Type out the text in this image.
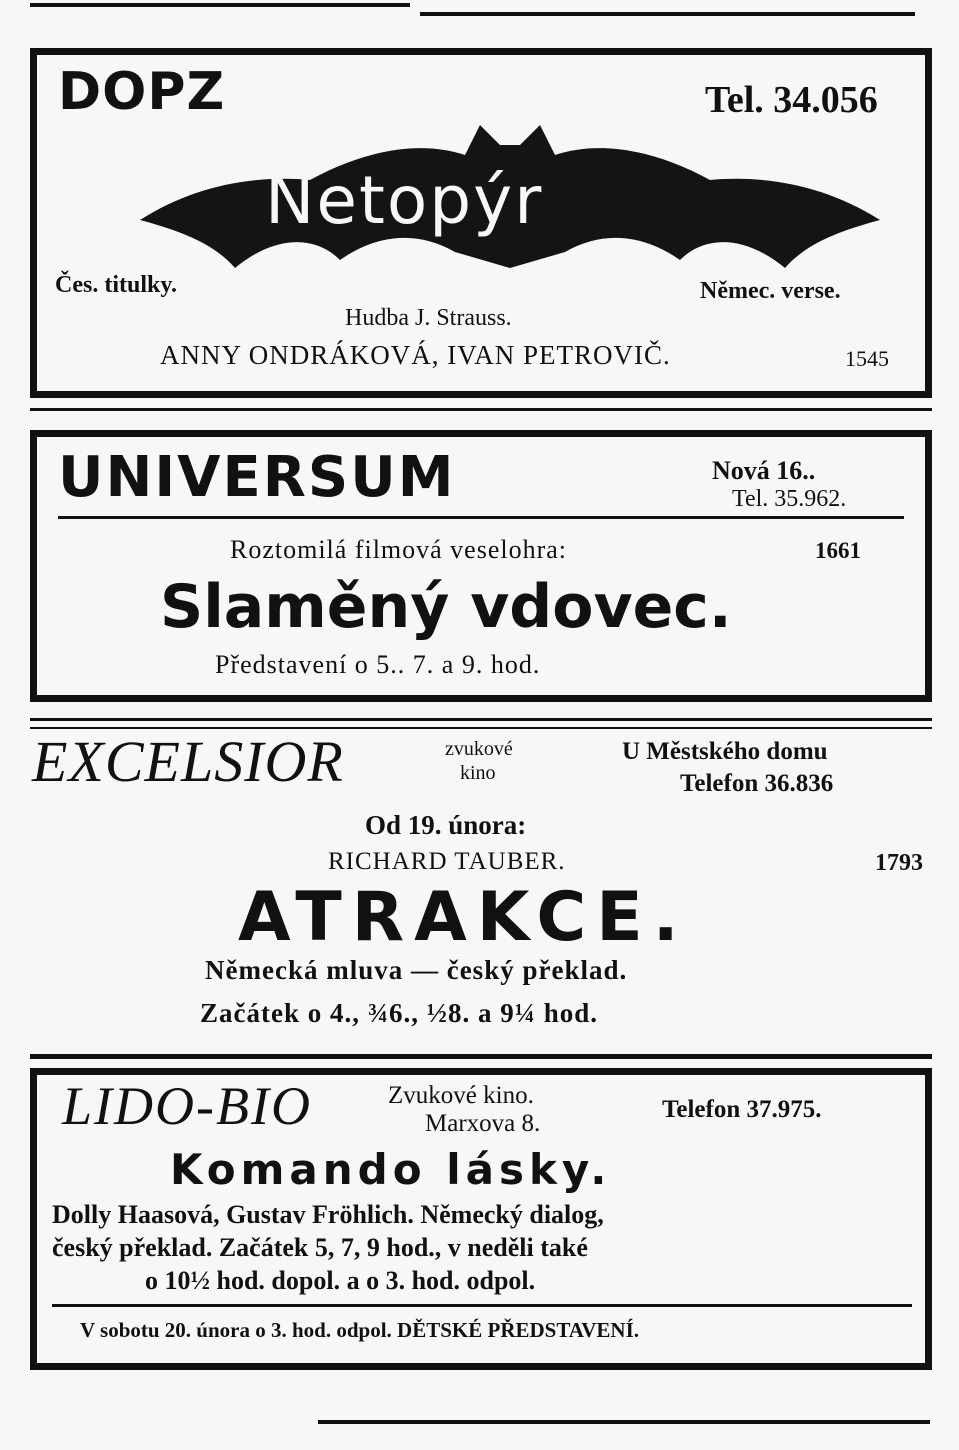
DOPZ	Tel. 34.056
Netopýr
Čes. titulky.	Němec. verse.
Hudba J. Strauss.
ANNY ONDRÁKOVÁ, IVAN PETROVIČ.	1545
UNIVERSUM	Nová 16..
Tel. 35.962.
Roztomilá filmová veselohra:	1661
Slaměný vdovec.
Představení o 5.. 7. a 9. hod.
EXCELSIOR	zvukové
kino
U Městského domu
Telefon 36.836
Od 19. února:
RICHARD TAUBER.	1793
ATRAKCE.
Německá mluva — český překlad.
Začátek o 4., ¾6., ½8. a 9¼ hod.
LIDO-BIO	Zvukové kino.
Marxova 8.
Telefon 37.975.
Komando lásky.
Dolly Haasová, Gustav Fröhlich. Německý dialog,
český překlad. Začátek 5, 7, 9 hod., v neděli také
o 10½ hod. dopol. a o 3. hod. odpol.
V sobotu 20. února o 3. hod. odpol. DĚTSKÉ PŘEDSTAVENÍ.
